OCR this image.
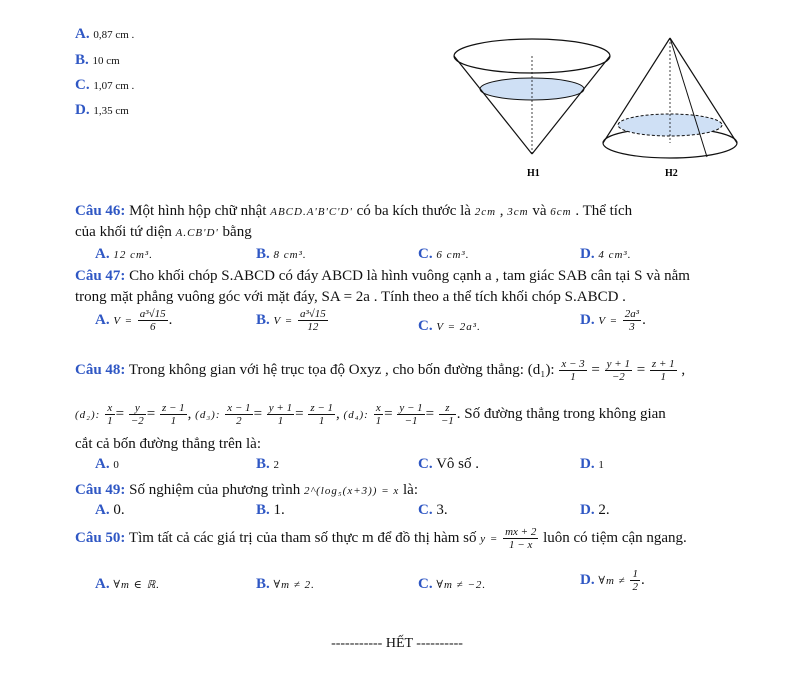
A. 0,87 cm .
B. 10 cm
C. 1,07 cm .
D. 1,35 cm
H1	H2
Câu 46: Một hình hộp chữ nhật ABCD.A'B'C'D' có ba kích thước là 2cm , 3cm và 6cm . Thể tích
của khối tứ diện A.CB'D' bằng
A. 12 cm³.	B. 8 cm³.	C. 6 cm³.	D. 4 cm³.
Câu 47: Cho khối chóp S.ABCD có đáy ABCD là hình vuông cạnh a , tam giác SAB cân tại S và nằm
trong mặt phẳng vuông góc với mặt đáy, SA = 2a . Tính theo a thể tích khối chóp S.ABCD .
A. $V = \frac{\text{a³√15}}{6}$ .	B. $V = \frac{\text{a³√15}}{12}$	C. V = 2a³.	D. $V = \frac{\text{2a³}}{3}$ .
Câu 48: Trong không gian với hệ trục tọa độ Oxyz , cho bốn đường thẳng: (d₁): $\frac{x - 3}{1} = \frac{y + 1}{-2} = \frac{z + 1}{1}$ ,
(d₂): $\frac{x}{1} = \frac{y}{-2} = \frac{z - 1}{1}$ , (d₃): $\frac{x - 1}{2} = \frac{y + 1}{1} = \frac{z - 1}{1}$ , (d₄): $\frac{x}{1} = \frac{y - 1}{-1} = \frac{z}{-1}$ . Số đường thẳng trong không gian
cắt cả bốn đường thẳng trên là:
A. 0	B. 2	C. Vô số .	D. 1
Câu 49: Số nghiệm của phương trình 2^(log₅(x+3)) = x là:
A. 0.	B. 1.	C. 3.	D. 2.
Câu 50: Tìm tất cả các giá trị của tham số thực m để đồ thị hàm số $y = \frac{mx + 2}{1 - x}$ luôn có tiệm cận ngang.
A. ∀m ∈ ℝ.	B. ∀m ≠ 2.	C. ∀m ≠ −2.	D. ∀m ≠ $\frac{1}{2}$ .
----------- HẾT ----------
